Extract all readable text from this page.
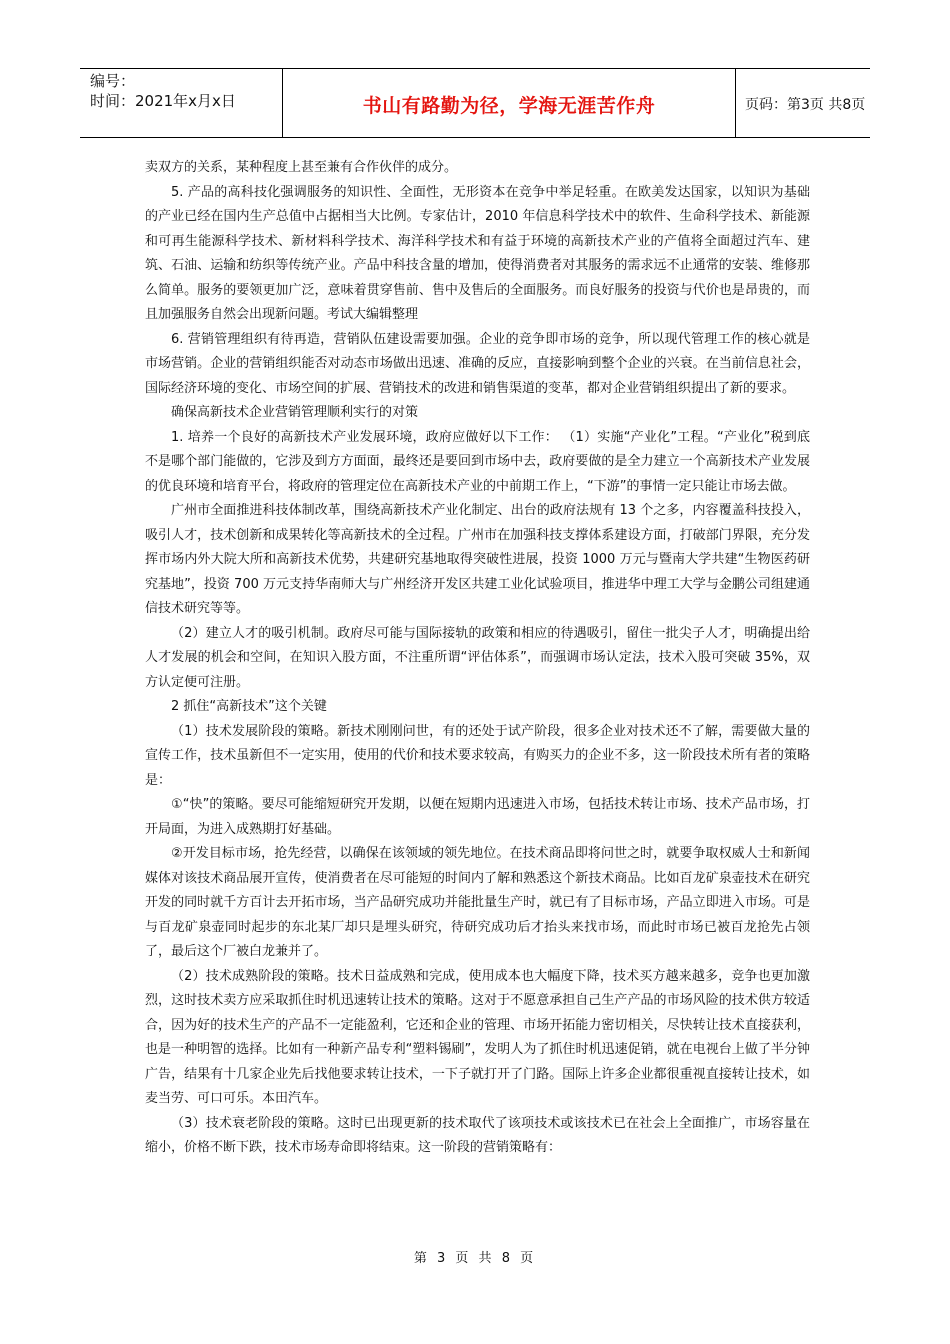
编号：
时间：2021年x月x日	书山有路勤为径，学海无涯苦作舟	页码：第3页 共8页

卖双方的关系，某种程度上甚至兼有合作伙伴的成分。

5. 产品的高科技化强调服务的知识性、全面性，无形资本在竞争中举足轻重。在欧美发达国家，以知识为基础的产业已经在国内生产总值中占据相当大比例。专家估计，2010 年信息科学技术中的软件、生命科学技术、新能源和可再生能源科学技术、新材料科学技术、海洋科学技术和有益于环境的高新技术产业的产值将全面超过汽车、建筑、石油、运输和纺织等传统产业。产品中科技含量的增加，使得消费者对其服务的需求远不止通常的安装、维修那么简单。服务的要领更加广泛，意味着贯穿售前、售中及售后的全面服务。而良好服务的投资与代价也是昂贵的，而且加强服务自然会出现新问题。考试大编辑整理

6. 营销管理组织有待再造，营销队伍建设需要加强。企业的竞争即市场的竞争，所以现代管理工作的核心就是市场营销。企业的营销组织能否对动态市场做出迅速、准确的反应，直接影响到整个企业的兴衰。在当前信息社会，国际经济环境的变化、市场空间的扩展、营销技术的改进和销售渠道的变革，都对企业营销组织提出了新的要求。

确保高新技术企业营销管理顺利实行的对策

1. 培养一个良好的高新技术产业发展环境，政府应做好以下工作： （1）实施“产业化”工程。“产业化”税到底不是哪个部门能做的，它涉及到方方面面，最终还是要回到市场中去，政府要做的是全力建立一个高新技术产业发展的优良环境和培育平台，将政府的管理定位在高新技术产业的中前期工作上，“下游”的事情一定只能让市场去做。

广州市全面推进科技体制改革，围绕高新技术产业化制定、出台的政府法规有 13 个之多，内容覆盖科技投入，吸引人才，技术创新和成果转化等高新技术的全过程。广州市在加强科技支撑体系建设方面，打破部门界限，充分发挥市场内外大院大所和高新技术优势，共建研究基地取得突破性进展，投资 1000 万元与暨南大学共建“生物医药研究基地”，投资 700 万元支持华南师大与广州经济开发区共建工业化试验项目，推进华中理工大学与金鹏公司组建通信技术研究等等。

（2）建立人才的吸引机制。政府尽可能与国际接轨的政策和相应的待遇吸引，留住一批尖子人才，明确提出给人才发展的机会和空间，在知识入股方面，不注重所谓“评估体系”，而强调市场认定法，技术入股可突破 35%，双方认定便可注册。

2 抓住“高新技术”这个关键

（1）技术发展阶段的策略。新技术刚刚问世，有的还处于试产阶段，很多企业对技术还不了解，需要做大量的宣传工作，技术虽新但不一定实用，使用的代价和技术要求较高，有购买力的企业不多，这一阶段技术所有者的策略是：

①“快”的策略。要尽可能缩短研究开发期，以便在短期内迅速进入市场，包括技术转让市场、技术产品市场，打开局面，为进入成熟期打好基础。

②开发目标市场，抢先经营，以确保在该领域的领先地位。在技术商品即将问世之时，就要争取权威人士和新闻媒体对该技术商品展开宣传，使消费者在尽可能短的时间内了解和熟悉这个新技术商品。比如百龙矿泉壶技术在研究开发的同时就千方百计去开拓市场，当产品研究成功并能批量生产时，就已有了目标市场，产品立即进入市场。可是与百龙矿泉壶同时起步的东北某厂却只是埋头研究，待研究成功后才抬头来找市场，而此时市场已被百龙抢先占领了，最后这个厂被白龙兼并了。

（2）技术成熟阶段的策略。技术日益成熟和完成，使用成本也大幅度下降，技术买方越来越多，竞争也更加激烈，这时技术卖方应采取抓住时机迅速转让技术的策略。这对于不愿意承担自己生产产品的市场风险的技术供方较适合，因为好的技术生产的产品不一定能盈利，它还和企业的管理、市场开拓能力密切相关，尽快转让技术直接获利，也是一种明智的选择。比如有一种新产品专利“塑料锡刷”，发明人为了抓住时机迅速促销，就在电视台上做了半分钟广告，结果有十几家企业先后找他要求转让技术，一下子就打开了门路。国际上许多企业都很重视直接转让技术，如麦当劳、可口可乐。本田汽车。

（3）技术衰老阶段的策略。这时已出现更新的技术取代了该项技术或该技术已在社会上全面推广，市场容量在缩小，价格不断下跌，技术市场寿命即将结束。这一阶段的营销策略有：

第 3 页 共 8 页
